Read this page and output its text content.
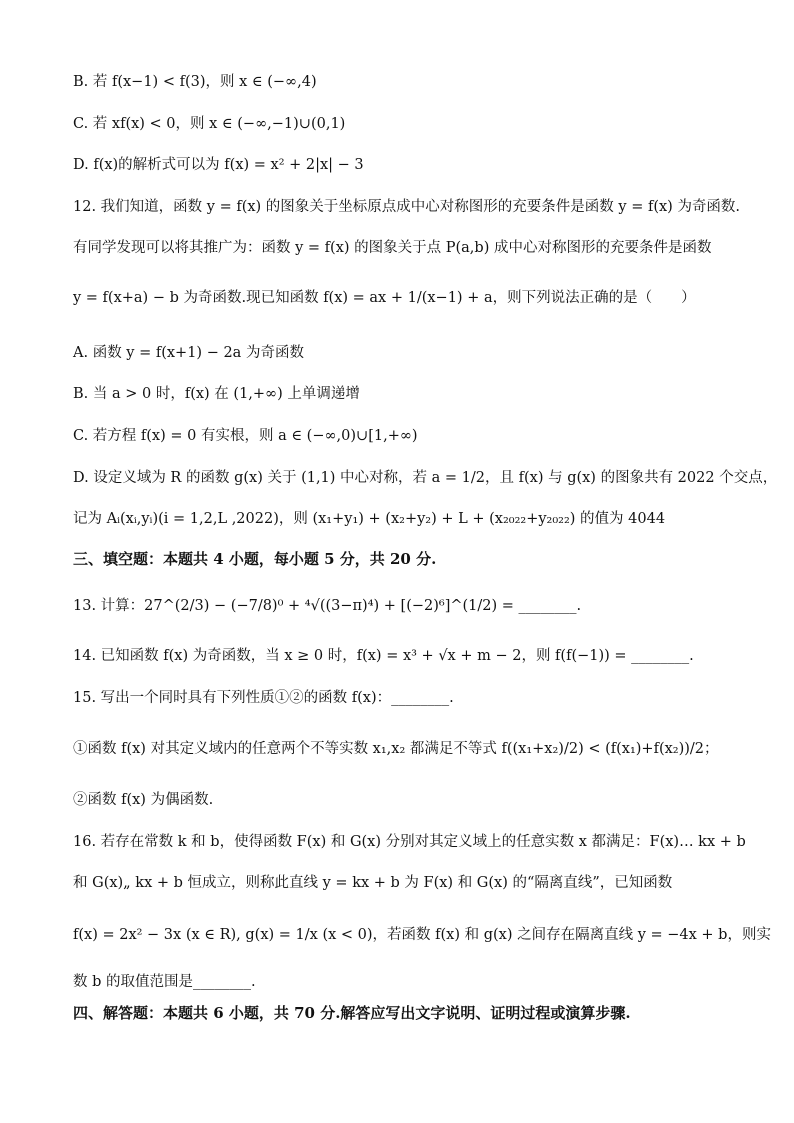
B. 若 f(x−1) < f(3)，则 x ∈ (−∞,4)
C. 若 xf(x) < 0，则 x ∈ (−∞,−1)∪(0,1)
D. f(x)的解析式可以为 f(x) = x² + 2|x| − 3
12. 我们知道，函数 y = f(x) 的图象关于坐标原点成中心对称图形的充要条件是函数 y = f(x) 为奇函数.
有同学发现可以将其推广为：函数 y = f(x) 的图象关于点 P(a,b) 成中心对称图形的充要条件是函数
y = f(x+a) − b 为奇函数.现已知函数 f(x) = ax + 1/(x−1) + a，则下列说法正确的是（　　）
A. 函数 y = f(x+1) − 2a 为奇函数
B. 当 a > 0 时，f(x) 在 (1,+∞) 上单调递增
C. 若方程 f(x) = 0 有实根，则 a ∈ (−∞,0)∪[1,+∞)
D. 设定义域为 R 的函数 g(x) 关于 (1,1) 中心对称，若 a = 1/2，且 f(x) 与 g(x) 的图象共有 2022 个交点，
记为 Aᵢ(xᵢ,yᵢ)(i = 1,2,L ,2022)，则 (x₁+y₁) + (x₂+y₂) + L + (x₂₀₂₂+y₂₀₂₂) 的值为 4044
三、填空题：本题共 4 小题，每小题 5 分，共 20 分.
13. 计算：27^(2/3) − (−7/8)⁰ + ⁴√((3−π)⁴) + [(−2)⁶]^(1/2) = ________.
14. 已知函数 f(x) 为奇函数，当 x ≥ 0 时，f(x) = x³ + √x + m − 2，则 f(f(−1)) = ________.
15. 写出一个同时具有下列性质①②的函数 f(x)：________.
①函数 f(x) 对其定义域内的任意两个不等实数 x₁,x₂ 都满足不等式 f((x₁+x₂)/2) < (f(x₁)+f(x₂))/2；
②函数 f(x) 为偶函数.
16. 若存在常数 k 和 b，使得函数 F(x) 和 G(x) 分别对其定义域上的任意实数 x 都满足：F(x)… kx + b
和 G(x)„ kx + b 恒成立，则称此直线 y = kx + b 为 F(x) 和 G(x) 的“隔离直线”，已知函数
f(x) = 2x² − 3x (x ∈ R), g(x) = 1/x (x < 0)，若函数 f(x) 和 g(x) 之间存在隔离直线 y = −4x + b，则实
数 b 的取值范围是________.
四、解答题：本题共 6 小题，共 70 分.解答应写出文字说明、证明过程或演算步骤.
